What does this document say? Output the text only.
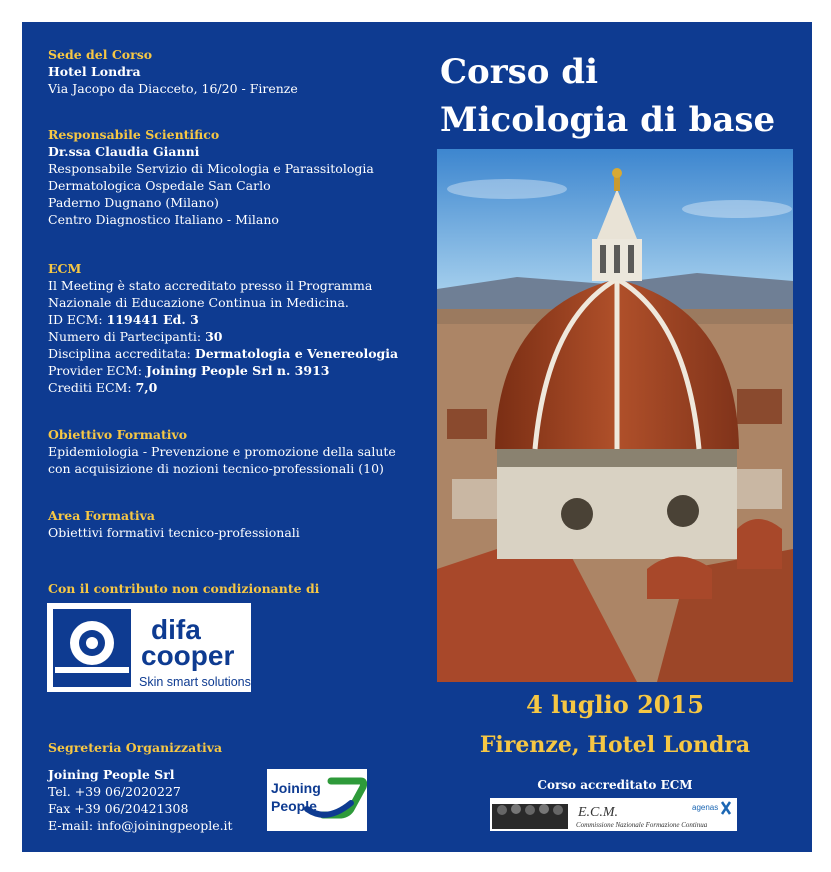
Sede del Corso

Hotel Londra

Via Jacopo da Diacceto, 16/20 - Firenze

Responsabile Scientifico

Dr.ssa Claudia Gianni

Responsabile Servizio di Micologia e Parassitologia

Dermatologica Ospedale San Carlo

Paderno Dugnano (Milano)

Centro Diagnostico Italiano - Milano

ECM

Il Meeting è stato accreditato presso il Programma

Nazionale di Educazione Continua in Medicina.

ID ECM: 119441 Ed. 3

Numero di Partecipanti: 30

Disciplina accreditata: Dermatologia e Venereologia

Provider ECM: Joining People Srl n. 3913

Crediti ECM: 7,0

Obiettivo Formativo

Epidemiologia - Prevenzione e promozione della salute

con acquisizione di nozioni tecnico-professionali (10)

Area Formativa

Obiettivi formativi tecnico-professionali

Con il contributo non condizionante di
difa
cooper
Skin smart solutions
Segreteria Organizzativa

Joining People Srl

Tel. +39 06/2020227

Fax +39 06/20421308

E-mail: info@joiningpeople.it

Joining
People
Corso di
Micologia di base
4 luglio 2015
Firenze, Hotel Londra
Corso accreditato ECM
E.C.M.
Commissione Nazionale Formazione Continua
agenas
